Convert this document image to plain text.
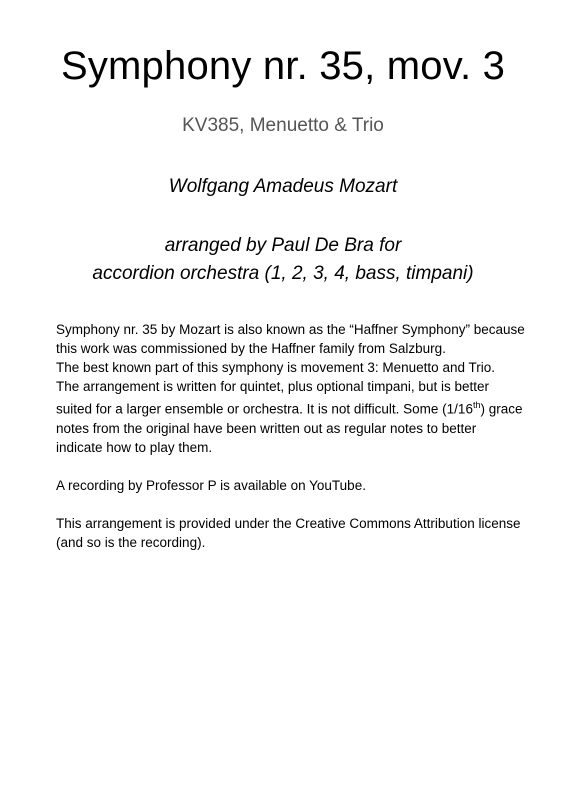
Symphony nr. 35, mov. 3
KV385, Menuetto & Trio
Wolfgang Amadeus Mozart
arranged by Paul De Bra for
accordion orchestra (1, 2, 3, 4, bass, timpani)

Symphony nr. 35 by Mozart is also known as the “Haffner Symphony” because this work was commissioned by the Haffner family from Salzburg.

The best known part of this symphony is movement 3: Menuetto and Trio.

The arrangement is written for quintet, plus optional timpani, but is better suited for a larger ensemble or orchestra. It is not difficult. Some (1/16th) grace notes from the original have been written out as regular notes to better indicate how to play them.

A recording by Professor P is available on YouTube.

This arrangement is provided under the Creative Commons Attribution license (and so is the recording).
